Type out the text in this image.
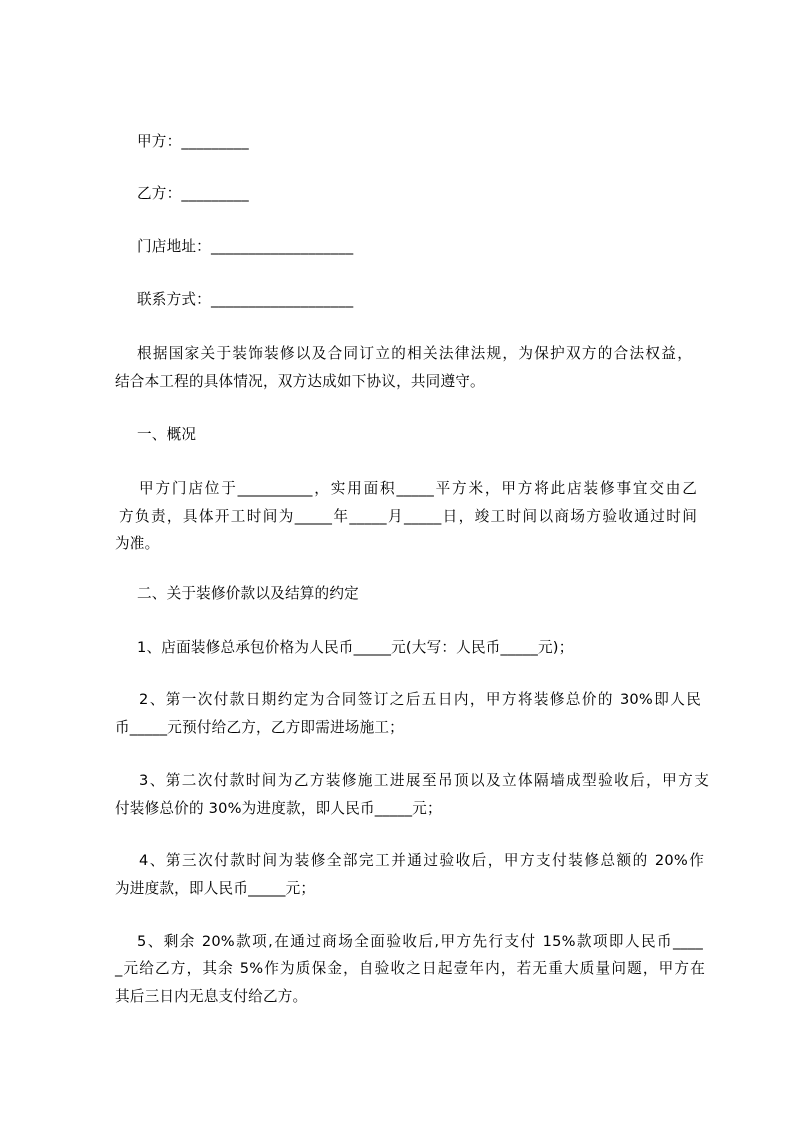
甲方：_________
乙方：_________
门店地址：___________________
联系方式：___________________
根据国家关于装饰装修以及合同订立的相关法律法规，为保护双方的合法权益，
结合本工程的具体情况，双方达成如下协议，共同遵守。
一、概况
甲方门店位于__________，实用面积_____平方米，甲方将此店装修事宜交由乙
方负责，具体开工时间为_____年_____月_____日，竣工时间以商场方验收通过时间
为准。
二、关于装修价款以及结算的约定
1、店面装修总承包价格为人民币_____元(大写：人民币_____元)；
2、第一次付款日期约定为合同签订之后五日内，甲方将装修总价的 30%即人民
币_____元预付给乙方，乙方即需进场施工；
3、第二次付款时间为乙方装修施工进展至吊顶以及立体隔墙成型验收后，甲方支
付装修总价的 30%为进度款，即人民币_____元；
4、第三次付款时间为装修全部完工并通过验收后，甲方支付装修总额的 20%作
为进度款，即人民币_____元；
5、剩余 20%款项,在通过商场全面验收后,甲方先行支付 15%款项即人民币____
_元给乙方，其余 5%作为质保金，自验收之日起壹年内，若无重大质量问题，甲方在
其后三日内无息支付给乙方。
